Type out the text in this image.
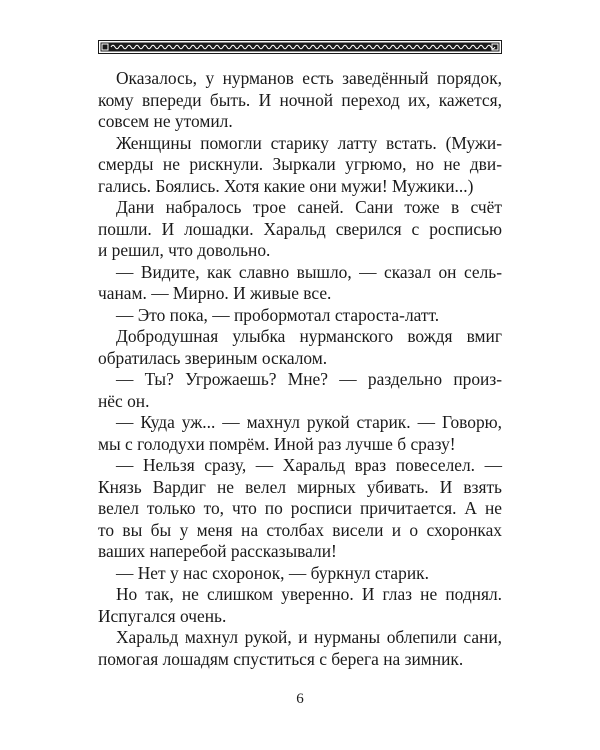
Оказалось, у нурманов есть заведённый порядок,
кому впереди быть. И ночной переход их, кажется,
совсем не утомил.
Женщины помогли старику латту встать. (Мужи-
смерды не рискнули. Зыркали угрюмо, но не дви-
гались. Боялись. Хотя какие они мужи! Мужики...)
Дани набралось трое саней. Сани тоже в счёт
пошли. И лошадки. Харальд сверился с росписью
и решил, что довольно.
— Видите, как славно вышло, — сказал он сель-
чанам. — Мирно. И живые все.
— Это пока, — пробормотал староста-латт.
Добродушная улыбка нурманского вождя вмиг
обратилась звериным оскалом.
— Ты? Угрожаешь? Мне? — раздельно произ-
нёс он.
— Куда уж... — махнул рукой старик. — Говорю,
мы с голодухи помрём. Иной раз лучше б сразу!
— Нельзя сразу, — Харальд враз повеселел. —
Князь Вардиг не велел мирных убивать. И взять
велел только то, что по росписи причитается. А не
то вы бы у меня на столбах висели и о схоронках
ваших наперебой рассказывали!
— Нет у нас схоронок, — буркнул старик.
Но так, не слишком уверенно. И глаз не поднял.
Испугался очень.
Харальд махнул рукой, и нурманы облепили сани,
помогая лошадям спуститься с берега на зимник.
6
